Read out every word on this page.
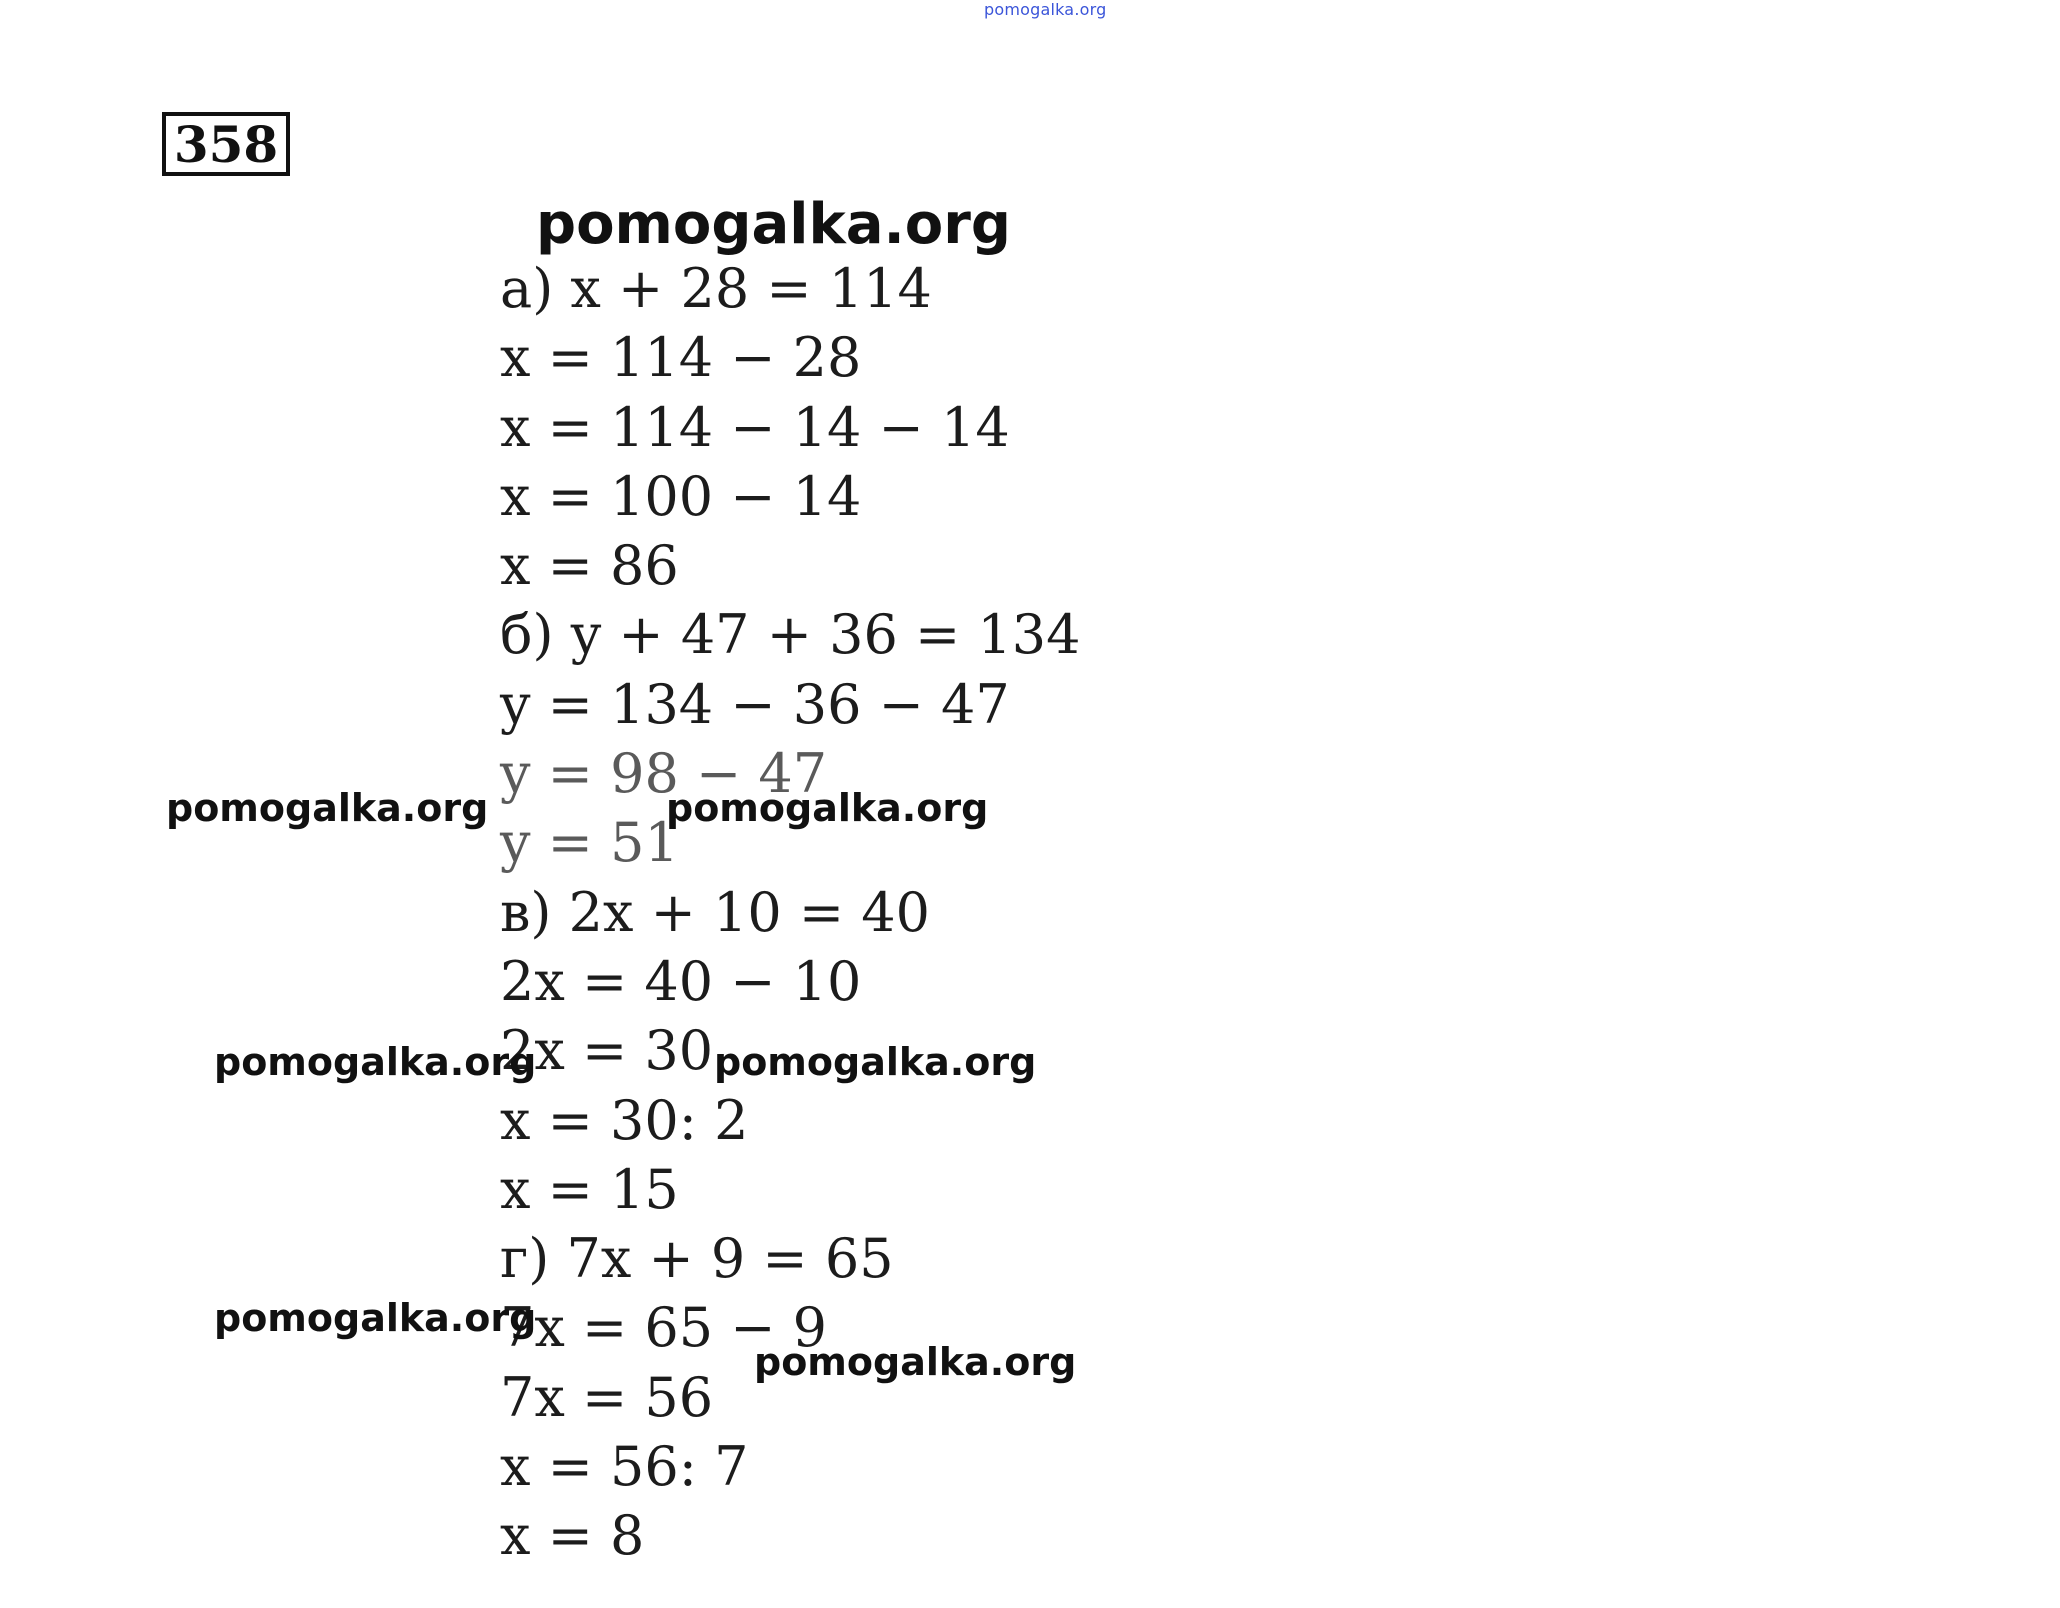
pomogalka.org
358
pomogalka.org
а) x + 28 = 114
x = 114 − 28
x = 114 − 14 − 14
x = 100 − 14
x = 86
б) y + 47 + 36 = 134
y = 134 − 36 − 47
y = 98 − 47
y = 51
в) 2x + 10 = 40
2x = 40 − 10
2x = 30
x = 30: 2
x = 15
г) 7x + 9 = 65
7x = 65 − 9
7x = 56
x = 56: 7
x = 8
pomogalka.org	pomogalka.org
pomogalka.org	pomogalka.org
pomogalka.org
pomogalka.org
